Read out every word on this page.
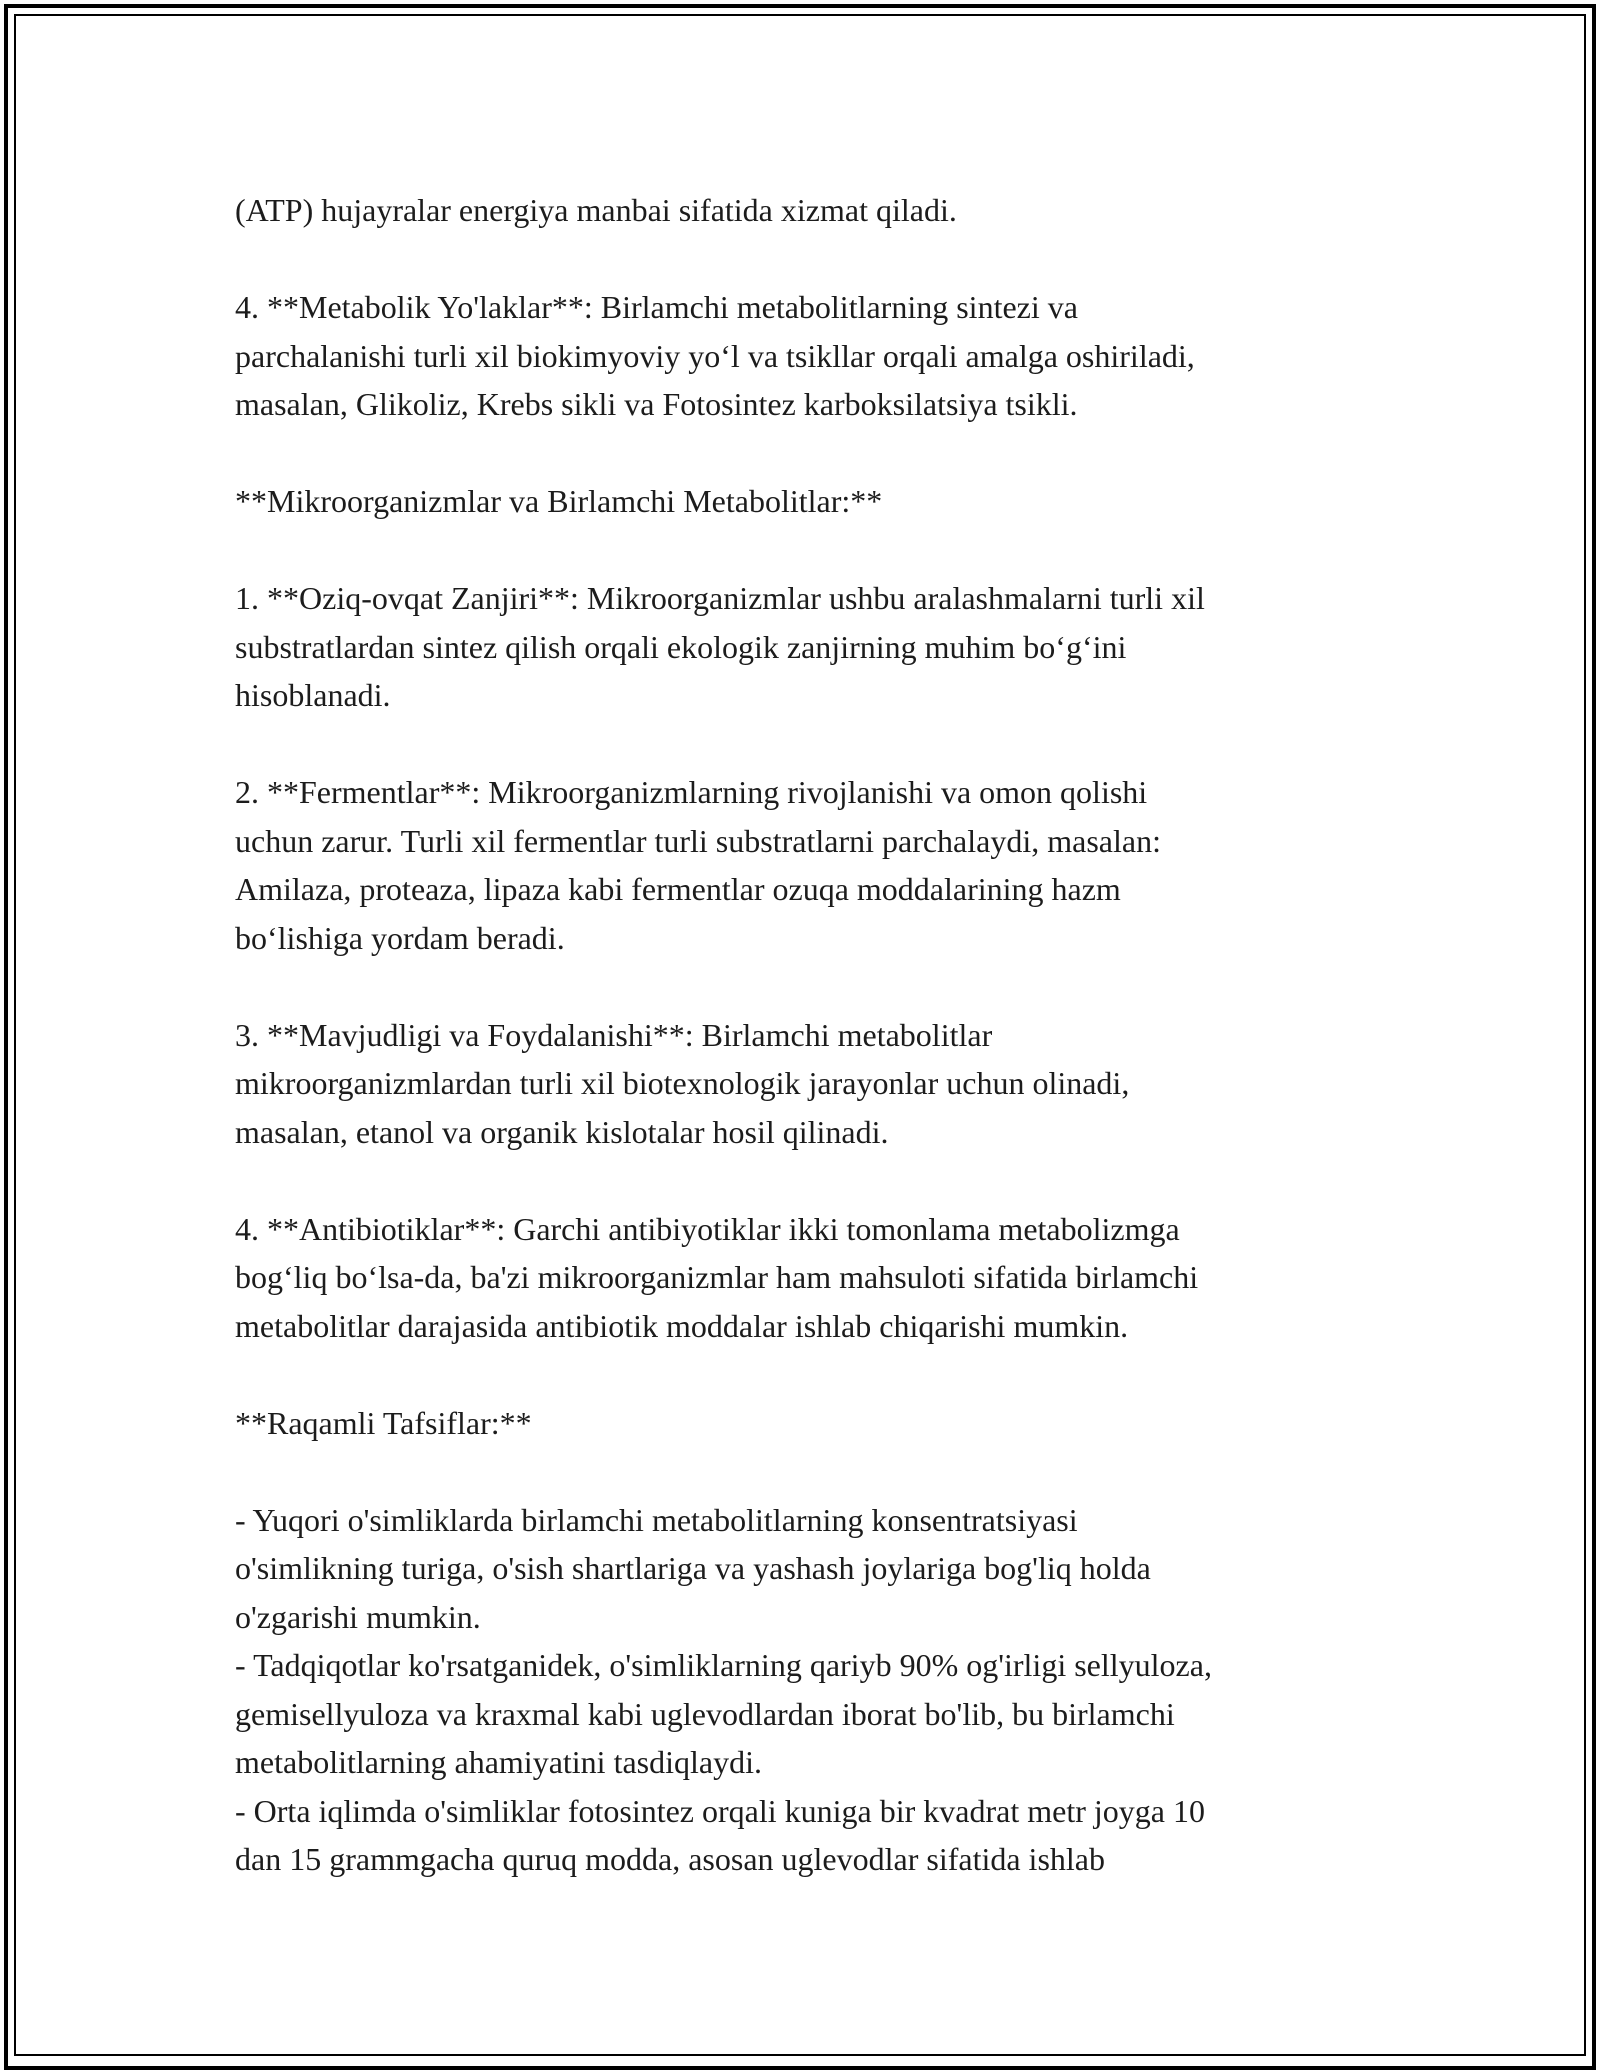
(ATP) hujayralar energiya manbai sifatida xizmat qiladi.

4. **Metabolik Yo'laklar**: Birlamchi metabolitlarning sintezi va
parchalanishi turli xil biokimyoviy yo‘l va tsikllar orqali amalga oshiriladi,
masalan, Glikoliz, Krebs sikli va Fotosintez karboksilatsiya tsikli.

**Mikroorganizmlar va Birlamchi Metabolitlar:**

1. **Oziq-ovqat Zanjiri**: Mikroorganizmlar ushbu aralashmalarni turli xil
substratlardan sintez qilish orqali ekologik zanjirning muhim bo‘g‘ini
hisoblanadi.

2. **Fermentlar**: Mikroorganizmlarning rivojlanishi va omon qolishi
uchun zarur. Turli xil fermentlar turli substratlarni parchalaydi, masalan:
Amilaza, proteaza, lipaza kabi fermentlar ozuqa moddalarining hazm
bo‘lishiga yordam beradi.

3. **Mavjudligi va Foydalanishi**: Birlamchi metabolitlar
mikroorganizmlardan turli xil biotexnologik jarayonlar uchun olinadi,
masalan, etanol va organik kislotalar hosil qilinadi.

4. **Antibiotiklar**: Garchi antibiyotiklar ikki tomonlama metabolizmga
bog‘liq bo‘lsa-da, ba'zi mikroorganizmlar ham mahsuloti sifatida birlamchi
metabolitlar darajasida antibiotik moddalar ishlab chiqarishi mumkin.

**Raqamli Tafsiflar:**

- Yuqori o'simliklarda birlamchi metabolitlarning konsentratsiyasi
o'simlikning turiga, o'sish shartlariga va yashash joylariga bog'liq holda
o'zgarishi mumkin.
- Tadqiqotlar ko'rsatganidek, o'simliklarning qariyb 90% og'irligi sellyuloza,
gemisellyuloza va kraxmal kabi uglevodlardan iborat bo'lib, bu birlamchi
metabolitlarning ahamiyatini tasdiqlaydi.
- Orta iqlimda o'simliklar fotosintez orqali kuniga bir kvadrat metr joyga 10
dan 15 grammgacha quruq modda, asosan uglevodlar sifatida ishlab
